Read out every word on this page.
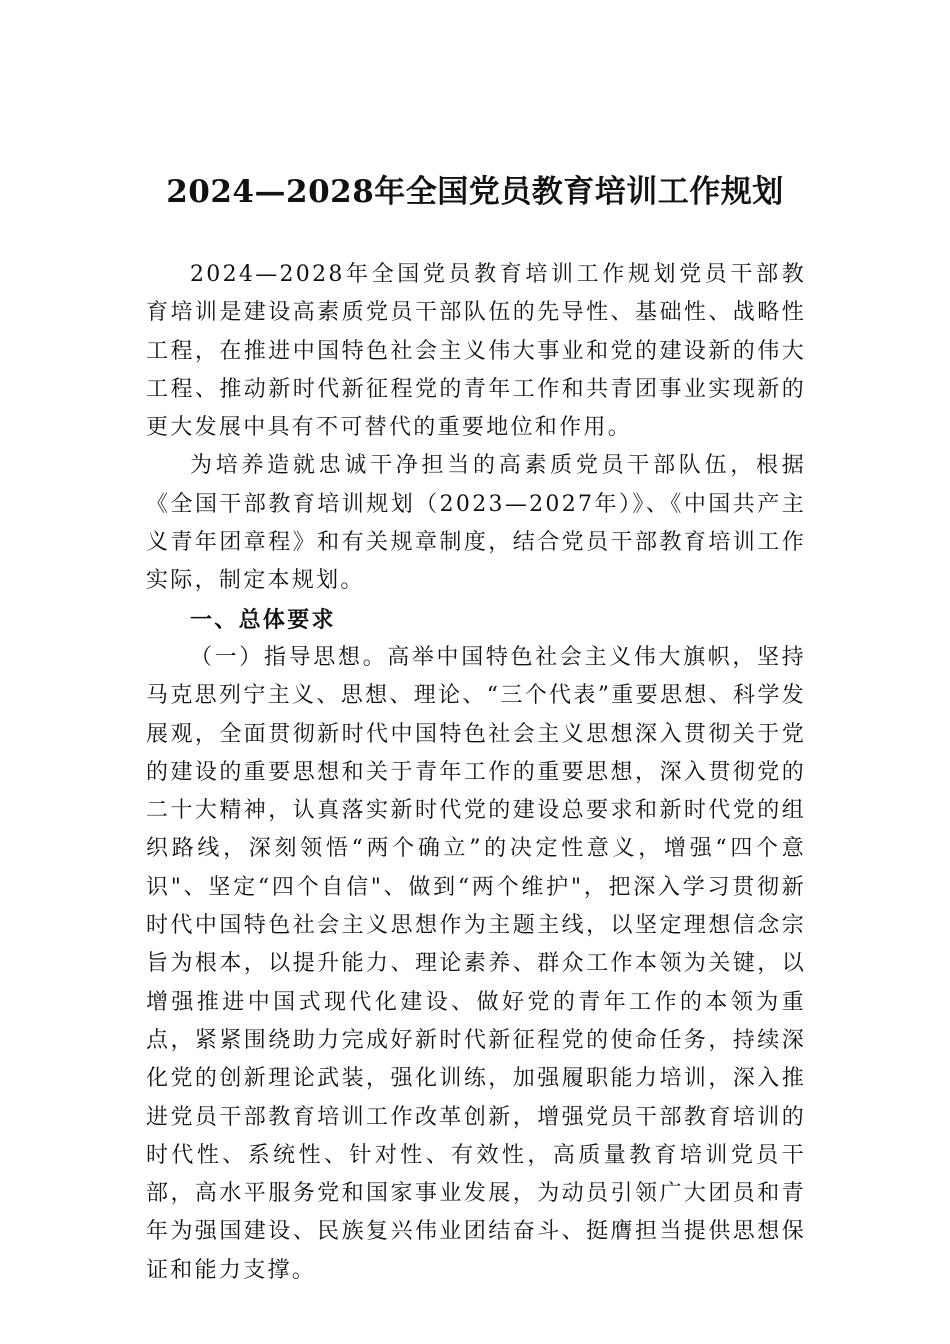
2024—2028年全国党员教育培训工作规划

2024—2028年全国党员教育培训工作规划党员干部教育培训是建设高素质党员干部队伍的先导性、基础性、战略性工程，在推进中国特色社会主义伟大事业和党的建设新的伟大工程、推动新时代新征程党的青年工作和共青团事业实现新的更大发展中具有不可替代的重要地位和作用。

为培养造就忠诚干净担当的高素质党员干部队伍，根据《全国干部教育培训规划（2023—2027年）》、《中国共产主义青年团章程》和有关规章制度，结合党员干部教育培训工作实际，制定本规划。

一、总体要求

（一）指导思想。高举中国特色社会主义伟大旗帜，坚持马克思列宁主义、思想、理论、“三个代表”重要思想、科学发展观，全面贯彻新时代中国特色社会主义思想深入贯彻关于党的建设的重要思想和关于青年工作的重要思想，深入贯彻党的二十大精神，认真落实新时代党的建设总要求和新时代党的组织路线，深刻领悟“两个确立”的决定性意义，增强“四个意识"、坚定“四个自信"、做到“两个维护"，把深入学习贯彻新时代中国特色社会主义思想作为主题主线，以坚定理想信念宗旨为根本，以提升能力、理论素养、群众工作本领为关键，以增强推进中国式现代化建设、做好党的青年工作的本领为重点，紧紧围绕助力完成好新时代新征程党的使命任务，持续深化党的创新理论武装，强化训练，加强履职能力培训，深入推进党员干部教育培训工作改革创新，增强党员干部教育培训的时代性、系统性、针对性、有效性，高质量教育培训党员干部，高水平服务党和国家事业发展，为动员引领广大团员和青年为强国建设、民族复兴伟业团结奋斗、挺膺担当提供思想保证和能力支撑。
